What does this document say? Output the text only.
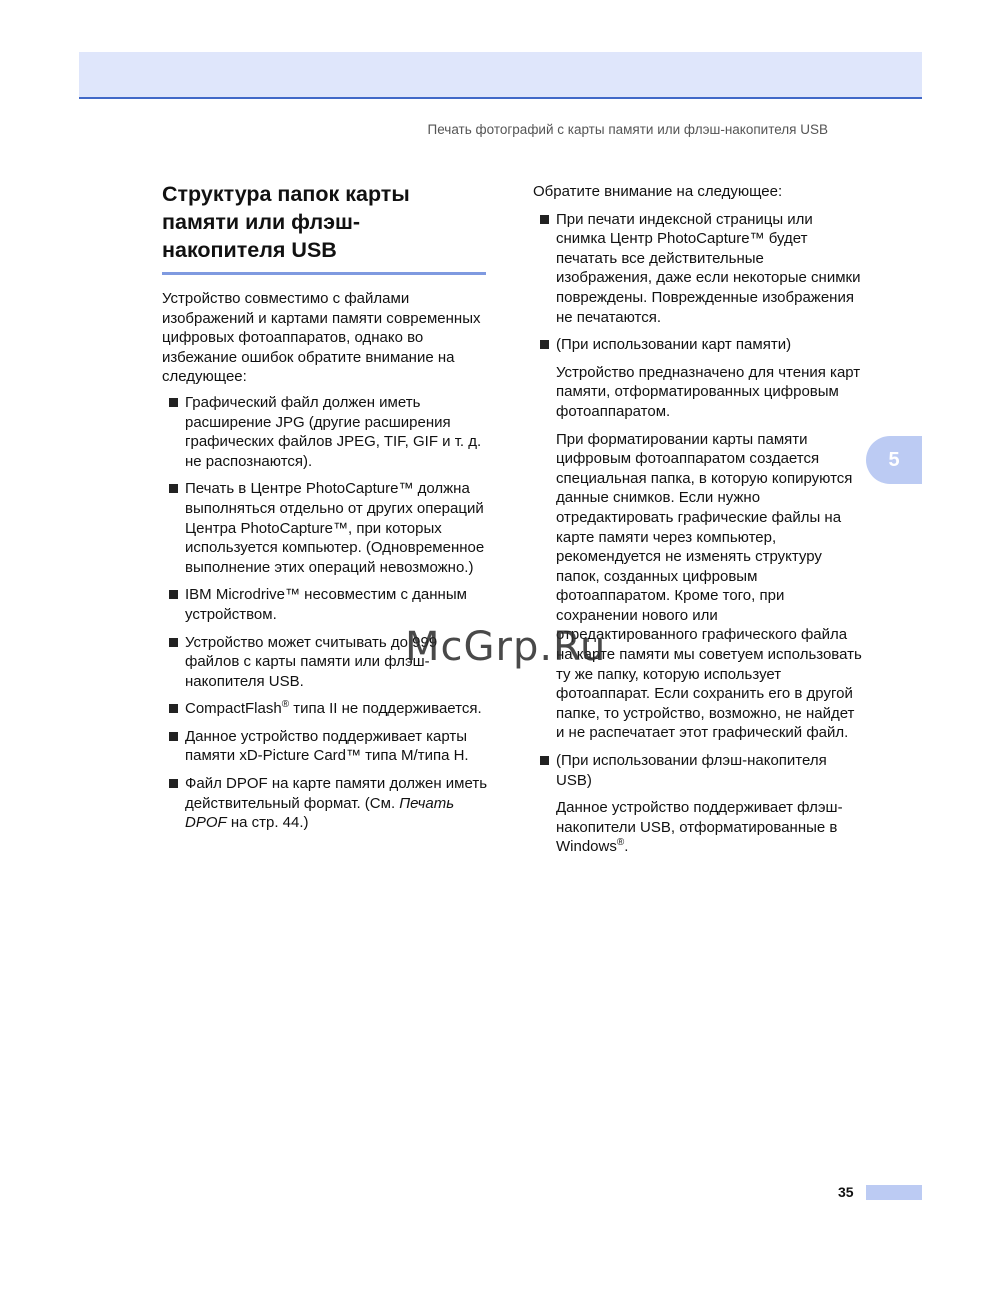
Печать фотографий с карты памяти или флэш-накопителя USB
5
Структура папок карты памяти или флэш-накопителя USB

Устройство совместимо с файлами изображений и картами памяти современных цифровых фотоаппаратов, однако во избежание ошибок обратите внимание на следующее:

Графический файл должен иметь расширение JPG (другие расширения графических файлов JPEG, TIF, GIF и т. д. не распознаются).
Печать в Центре PhotoCapture™ должна выполняться отдельно от других операций Центра PhotoCapture™, при которых используется компьютер. (Одновременное выполнение этих операций невозможно.)
IBM Microdrive™ несовместим с данным устройством.
Устройство может считывать до 999 файлов с карты памяти или флэш-накопителя USB.
CompactFlash® типа II не поддерживается.
Данное устройство поддерживает карты памяти xD-Picture Card™ типа M/типа H.
Файл DPOF на карте памяти должен иметь действительный формат. (См. Печать DPOF на стр. 44.)

Обратите внимание на следующее:

При печати индексной страницы или снимка Центр PhotoCapture™ будет печатать все действительные изображения, даже если некоторые снимки повреждены. Поврежденные изображения не печатаются.
(При использовании карт памяти)

Устройство предназначено для чтения карт памяти, отформатированных цифровым фотоаппаратом.

При форматировании карты памяти цифровым фотоаппаратом создается специальная папка, в которую копируются данные снимков. Если нужно отредактировать графические файлы на карте памяти через компьютер, рекомендуется не изменять структуру папок, созданных цифровым фотоаппаратом. Кроме того, при сохранении нового или отредактированного графического файла на карте памяти мы советуем использовать ту же папку, которую использует фотоаппарат. Если сохранить его в другой папке, то устройство, возможно, не найдет и не распечатает этот графический файл.

(При использовании флэш-накопителя USB)

Данное устройство поддерживает флэш-накопители USB, отформатированные в Windows®.

McGrp.Ru
35
